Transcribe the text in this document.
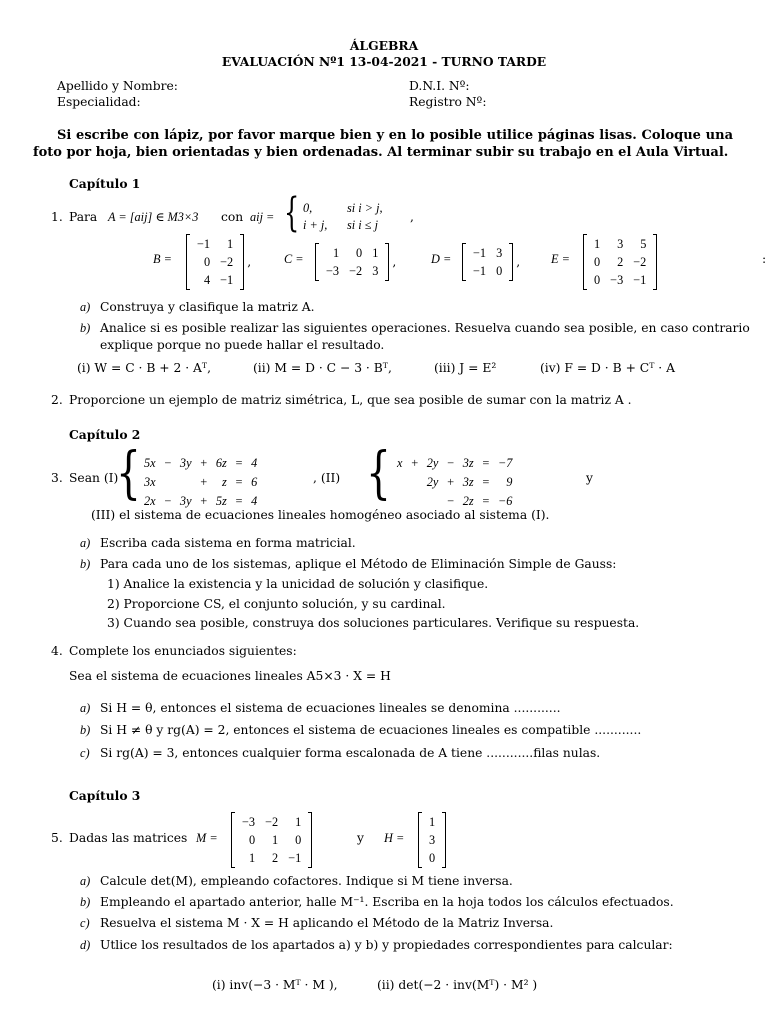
ÁLGEBRA
EVALUACIÓN Nº1 13-04-2021 - TURNO TARDE
Apellido y Nombre:	D.N.I. Nº:
Especialidad:	Registro Nº:
Si escribe con lápiz, por favor marque bien y en lo posible utilice páginas lisas. Coloque una foto por hoja, bien orientadas y bien ordenadas. Al terminar subir su trabajo en el Aula Virtual.
Capítulo 1
1. Para A = [aij] ∈ M3×3 con aij = { 0,	si i > j,
i + j, si i ≤ j
,
B =
−1	1
0	−2
4	−1
,	C = 1	0	1
−3	−2	3
,	D = −1	3
−1	0
,	E =
1	3	5
0	2	−2
0	−3	−1
:
a) Construya y clasifique la matriz A.
b) Analice si es posible realizar las siguientes operaciones. Resuelva cuando sea posible, en caso contrario
explique porque no puede hallar el resultado.
(i) W = C · B + 2 · Aᵀ,	(ii) M = D · C − 3 · Bᵀ,	(iii) J = E²	(iv) F = D · B + Cᵀ · A
2. Proporcione un ejemplo de matriz simétrica, L, que sea posible de sumar con la matriz A .
Capítulo 2
3. Sean (I)
{ 5x	−	3y	+	6z	=	4
3x			+	z	=	6
2x	−	3y	+	5z	=	4
, (II) { x	+	2y	−	3z	=	−7
		2y	+	3z	=	9
			−	2z	=	−6
y
(III) el sistema de ecuaciones lineales homogéneo asociado al sistema (I).
a) Escriba cada sistema en forma matricial.
b) Para cada uno de los sistemas, aplique el Método de Eliminación Simple de Gauss:
1) Analice la existencia y la unicidad de solución y clasifique.
2) Proporcione CS, el conjunto solución, y su cardinal.
3) Cuando sea posible, construya dos soluciones particulares. Verifique su respuesta.
4. Complete los enunciados siguientes:
Sea el sistema de ecuaciones lineales A5×3 · X = H
a) Si H = θ, entonces el sistema de ecuaciones lineales se denomina ............
b) Si H ≠ θ y rg(A) = 2, entonces el sistema de ecuaciones lineales es compatible ............
c) Si rg(A) = 3, entonces cualquier forma escalonada de A tiene ............filas nulas.
Capítulo 3
5. Dadas las matrices M =
−3	−2	1
0	1	0
1	2	−1
y H =
1
3
0
a) Calcule det(M), empleando cofactores. Indique si M tiene inversa.
b) Empleando el apartado anterior, halle M⁻¹. Escriba en la hoja todos los cálculos efectuados.
c) Resuelva el sistema M · X = H aplicando el Método de la Matriz Inversa.
d) Utlice los resultados de los apartados a) y b) y propiedades correspondientes para calcular:
(i) inv(−3 · Mᵀ · M ),	(ii) det(−2 · inv(Mᵀ) · M² )
